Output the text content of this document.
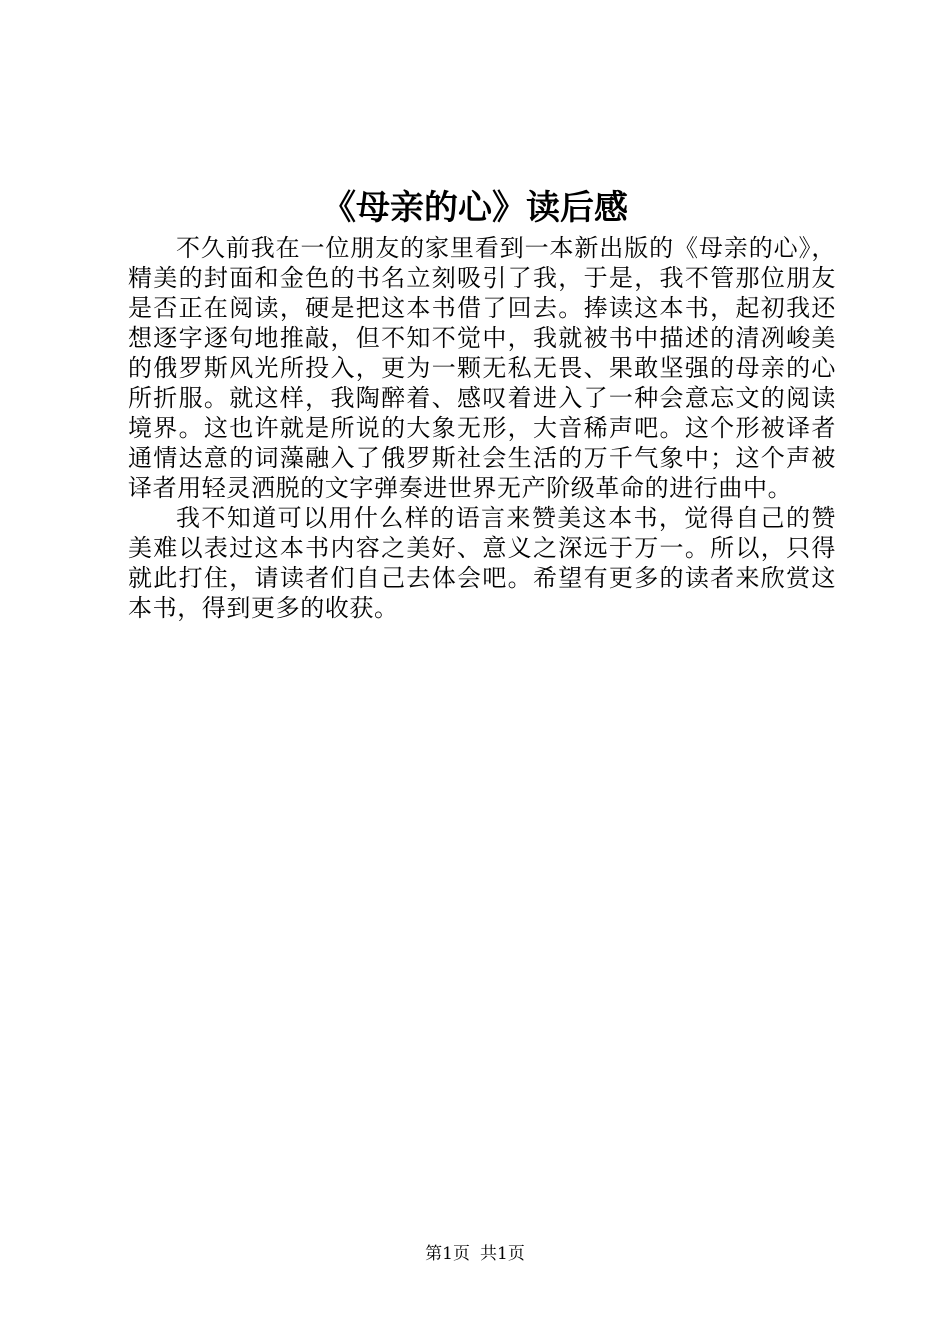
《母亲的心》读后感

不久前我在一位朋友的家里看到一本新出版的《母亲的心》，精美的封面和金色的书名立刻吸引了我，于是，我不管那位朋友是否正在阅读，硬是把这本书借了回去。捧读这本书，起初我还想逐字逐句地推敲，但不知不觉中，我就被书中描述的清冽峻美的俄罗斯风光所投入，更为一颗无私无畏、果敢坚强的母亲的心所折服。就这样，我陶醉着、感叹着进入了一种会意忘文的阅读境界。这也许就是所说的大象无形，大音稀声吧。这个形被译者通情达意的词藻融入了俄罗斯社会生活的万千气象中；这个声被译者用轻灵洒脱的文字弹奏进世界无产阶级革命的进行曲中。

我不知道可以用什么样的语言来赞美这本书，觉得自己的赞美难以表过这本书内容之美好、意义之深远于万一。所以，只得就此打住，请读者们自己去体会吧。希望有更多的读者来欣赏这本书，得到更多的收获。

第1页 共1页
